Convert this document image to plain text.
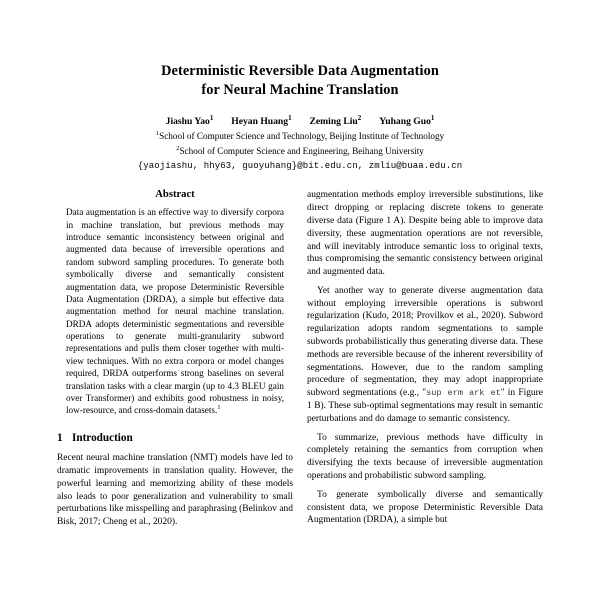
Deterministic Reversible Data Augmentation
for Neural Machine Translation
Jiashu Yao$^1$ Heyan Huang$^1$ Zeming Liu$^2$ Yuhang Guo$^1$
$^1$School of Computer Science and Technology, Beijing Institute of Technology
$^2$School of Computer Science and Engineering, Beihang University
{yaojiashu, hhy63, guoyuhang}@bit.edu.cn, zmliu@buaa.edu.cn
Abstract

Data augmentation is an effective way to diversify corpora in machine translation, but previous methods may introduce semantic inconsistency between original and augmented data because of irreversible operations and random subword sampling procedures. To generate both symbolically diverse and semantically consistent augmentation data, we propose Deterministic Reversible Data Augmentation (DRDA), a simple but effective data augmentation method for neural machine translation. DRDA adopts deterministic segmentations and reversible operations to generate multi-granularity subword representations and pulls them closer together with multi-view techniques. With no extra corpora or model changes required, DRDA outperforms strong baselines on several translation tasks with a clear margin (up to 4.3 BLEU gain over Transformer) and exhibits good robustness in noisy, low-resource, and cross-domain datasets.$^1$

1 Introduction

Recent neural machine translation (NMT) models have led to dramatic improvements in translation quality. However, the powerful learning and memorizing ability of these models also leads to poor generalization and vulnerability to small perturbations like misspelling and paraphrasing (Belinkov and Bisk, 2017; Cheng et al., 2020).

augmentation methods employ irreversible substitutions, like direct dropping or replacing discrete tokens to generate diverse data (Figure 1 A). Despite being able to improve data diversity, these augmentation operations are not reversible, and will inevitably introduce semantic loss to original texts, thus compromising the semantic consistency between original and augmented data.

Yet another way to generate diverse augmentation data without employing irreversible operations is subword regularization (Kudo, 2018; Provilkov et al., 2020). Subword regularization adopts random segmentations to sample subwords probabilistically thus generating diverse data. These methods are reversible because of the inherent reversibility of segmentations. However, due to the random sampling procedure of segmentation, they may adopt inappropriate subword segmentations (e.g., "sup erm ark et" in Figure 1 B). These sub-optimal segmentations may result in semantic perturbations and do damage to semantic consistency.

To summarize, previous methods have difficulty in completely retaining the semantics from corruption when diversifying the texts because of irreversible augmentation operations and probabilistic subword sampling.

To generate symbolically diverse and semantically consistent data, we propose Deterministic Reversible Data Augmentation (DRDA), a simple but
